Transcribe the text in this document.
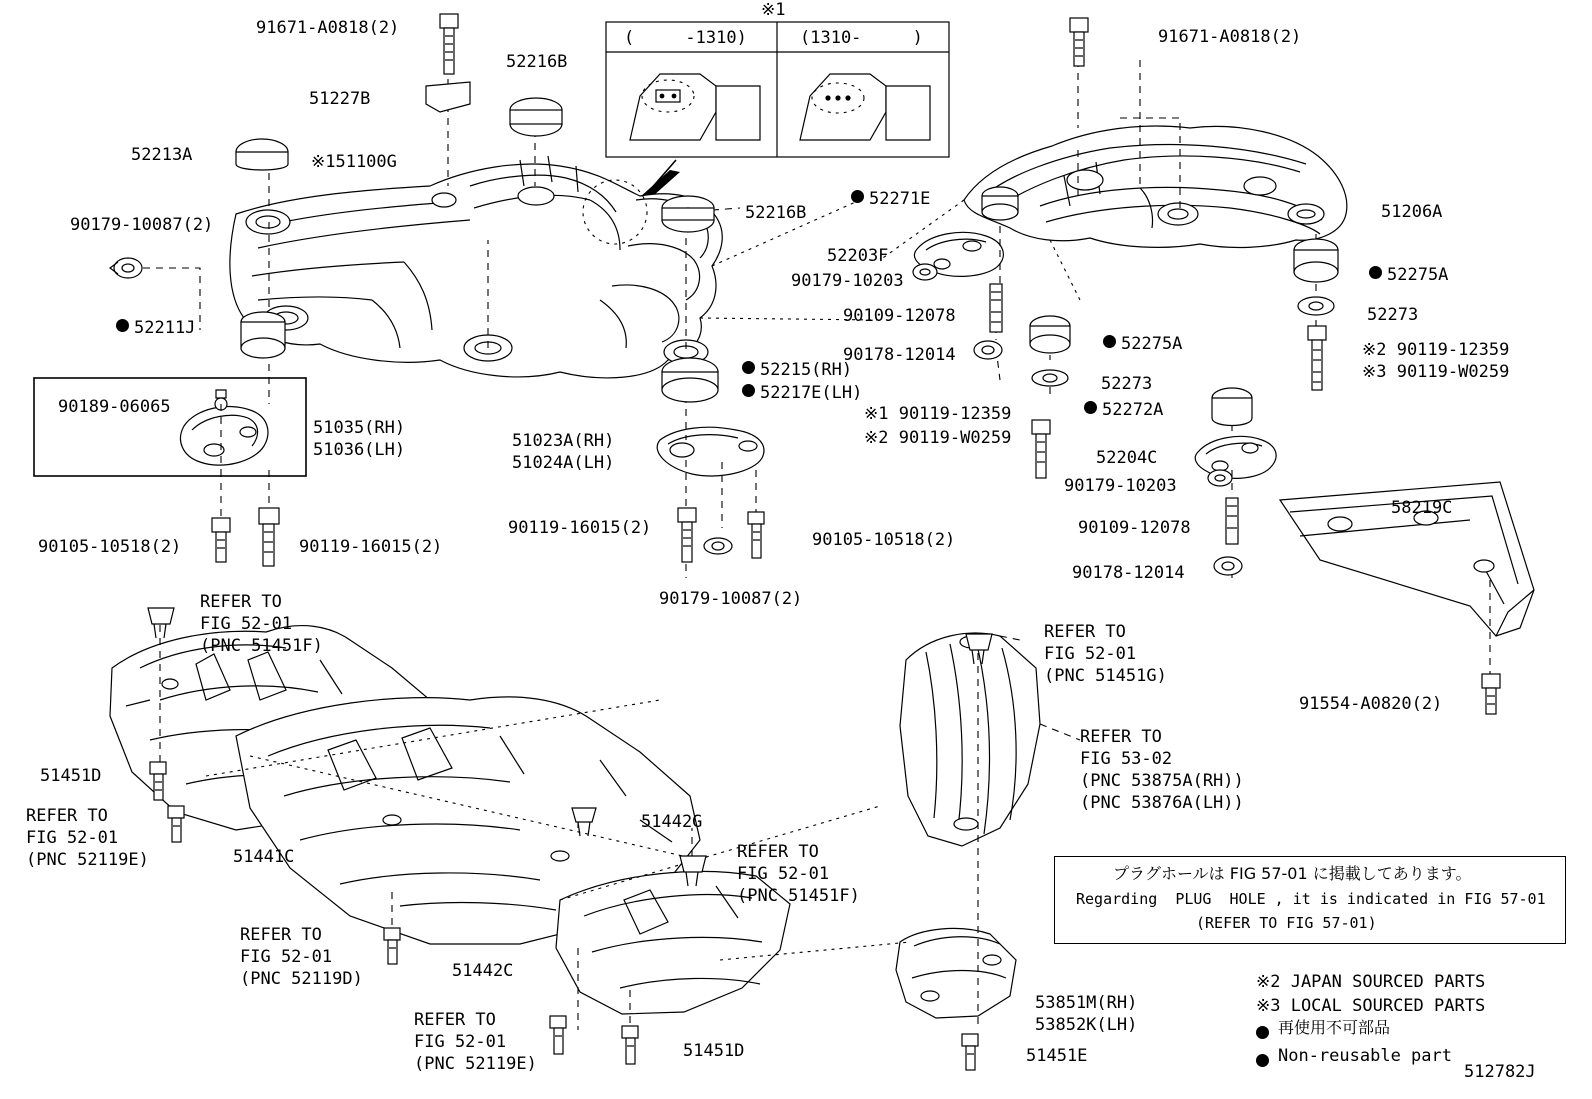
91671-A0818(2)
52216B
51227B
52213A	※151100G
90179-10087(2)
52211J
90189-06065
51035(RH)
51036(LH)
90105-10518(2)	90119-16015(2)
52216B
52215(RH)
52217E(LH)
51023A(RH)
51024A(LH)
90119-16015(2)
90105-10518(2)
90179-10087(2)
52271E
52203F
90179-10203
90109-12078
90178-12014
52275A
52273
52272A
※1 90119-12359
※2 90119-W0259
52204C
90179-10203
90109-12078
90178-12014
91671-A0818(2)
51206A
52275A
52273
※2 90119-12359
※3 90119-W0259
58219C
91554-A0820(2)
REFER TO
FIG 52-01
(PNC 51451F)
51451D
REFER TO
FIG 52-01
(PNC 52119E)	51441C
REFER TO
FIG 52-01
(PNC 52119D)	51442C
REFER TO
FIG 52-01
(PNC 52119E)
51451D
51442G
REFER TO
FIG 52-01
(PNC 51451F)
REFER TO
FIG 52-01
(PNC 51451G)
REFER TO
FIG 53-02
(PNC 53875A(RH))
(PNC 53876A(LH))
53851M(RH)
53852K(LH)
51451E
※1
(     -1310)	(1310-     )
プラグホールは FIG 57-01 に掲載してあります。
Regarding  PLUG  HOLE , it is indicated in FIG 57-01
(REFER TO FIG 57-01)
※2 JAPAN SOURCED PARTS
※3 LOCAL SOURCED PARTS
再使用不可部品
Non-reusable part
512782J
